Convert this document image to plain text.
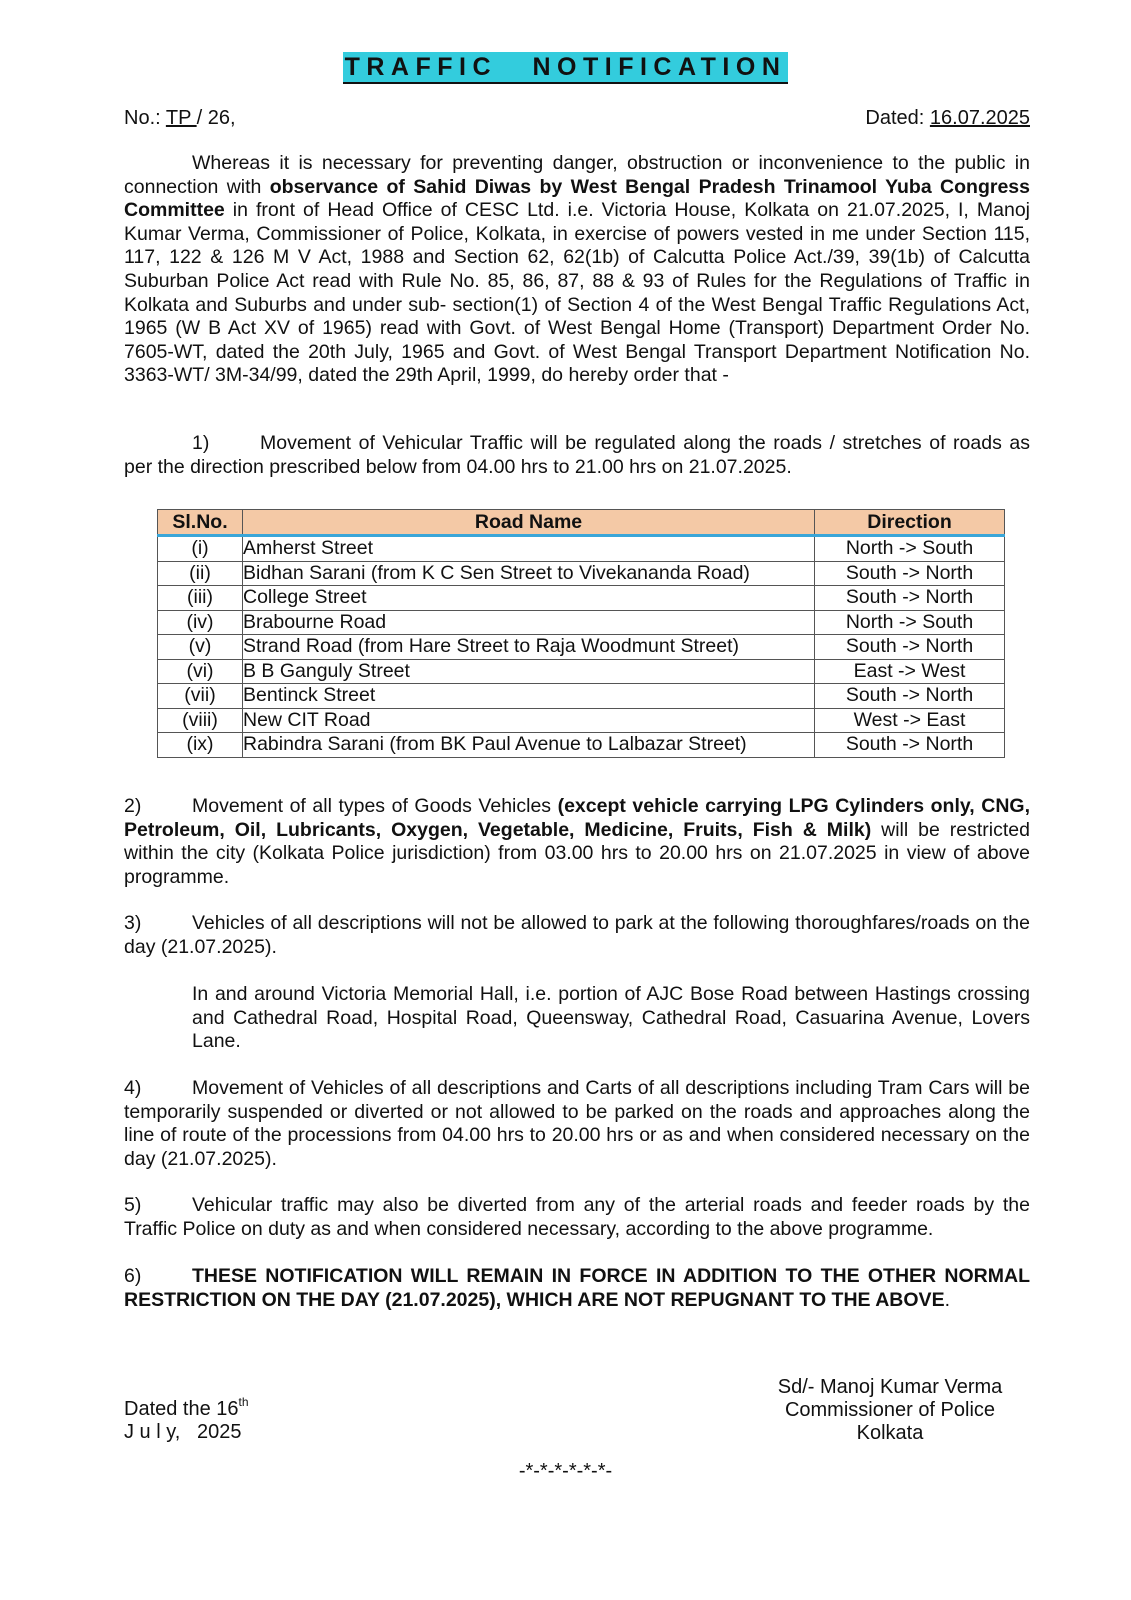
TRAFFIC NOTIFICATION
No.: TP / 26,	Dated: 16.07.2025
Whereas it is necessary for preventing danger, obstruction or inconvenience to the public in connection with observance of Sahid Diwas by West Bengal Pradesh Trinamool Yuba Congress Committee in front of Head Office of CESC Ltd. i.e. Victoria House, Kolkata on 21.07.2025, I, Manoj Kumar Verma, Commissioner of Police, Kolkata, in exercise of powers vested in me under Section 115, 117, 122 & 126 M V Act, 1988 and Section 62, 62(1b) of Calcutta Police Act./39, 39(1b) of Calcutta Suburban Police Act read with Rule No. 85, 86, 87, 88 & 93 of Rules for the Regulations of Traffic in Kolkata and Suburbs and under sub- section(1) of Section 4 of the West Bengal Traffic Regulations Act, 1965 (W B Act XV of 1965) read with Govt. of West Bengal Home (Transport) Department Order No. 7605-WT, dated the 20th July, 1965 and Govt. of West Bengal Transport Department Notification No. 3363-WT/ 3M-34/99, dated the 29th April, 1999, do hereby order that -
1)	Movement of Vehicular Traffic will be regulated along the roads / stretches of roads as per the direction prescribed below from 04.00 hrs to 21.00 hrs on 21.07.2025.
Sl.No.	Road Name	Direction
(i)	Amherst Street	North -> South
(ii)	Bidhan Sarani (from K C Sen Street to Vivekananda Road)	South -> North
(iii)	College Street	South -> North
(iv)	Brabourne Road	North -> South
(v)	Strand Road (from Hare Street to Raja Woodmunt Street)	South -> North
(vi)	B B Ganguly Street	East -> West
(vii)	Bentinck Street	South -> North
(viii)	New CIT Road	West -> East
(ix)	Rabindra Sarani (from BK Paul Avenue to Lalbazar Street)	South -> North
2)	Movement of all types of Goods Vehicles (except vehicle carrying LPG Cylinders only, CNG, Petroleum, Oil, Lubricants, Oxygen, Vegetable, Medicine, Fruits, Fish & Milk) will be restricted within the city (Kolkata Police jurisdiction) from 03.00 hrs to 20.00 hrs on 21.07.2025 in view of above programme.
3)	Vehicles of all descriptions will not be allowed to park at the following thoroughfares/roads on the day (21.07.2025).
In and around Victoria Memorial Hall, i.e. portion of AJC Bose Road between Hastings crossing and Cathedral Road, Hospital Road, Queensway, Cathedral Road, Casuarina Avenue, Lovers Lane.
4)	Movement of Vehicles of all descriptions and Carts of all descriptions including Tram Cars will be temporarily suspended or diverted or not allowed to be parked on the roads and approaches along the line of route of the processions from 04.00 hrs to 20.00 hrs or as and when considered necessary on the day (21.07.2025).
5)	Vehicular traffic may also be diverted from any of the arterial roads and feeder roads by the Traffic Police on duty as and when considered necessary, according to the above programme.
6)	THESE NOTIFICATION WILL REMAIN IN FORCE IN ADDITION TO THE OTHER NORMAL RESTRICTION ON THE DAY (21.07.2025), WHICH ARE NOT REPUGNANT TO THE ABOVE.
Sd/- Manoj Kumar Verma
Commissioner of Police
Kolkata
Dated the 16th
J u l y,   2025
-*-*-*-*-*-*-
